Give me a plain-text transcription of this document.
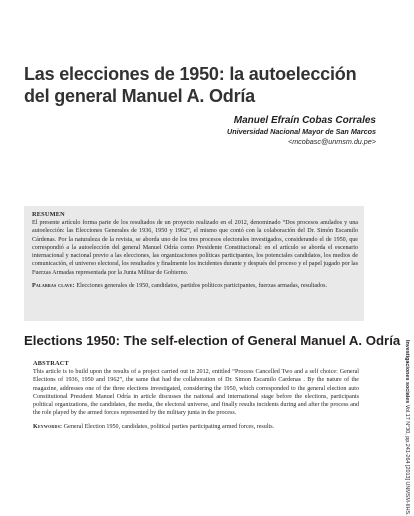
Las elecciones de 1950: la autoelección
del general Manuel A. Odría
Manuel Efraín Cobas Corrales
Universidad Nacional Mayor de San Marcos
<mcobasc@unmsm.du.pe>
RESUMEN

El presente artículo forma parte de los resultados de un proyecto realizado en el 2012, denominado “Dos procesos anulados y una autoelección: las Elecciones Generales de 1936, 1950 y 1962”, el mismo que contó con la colaboración del Dr. Simón Escamilo Cárdenas. Por la naturaleza de la revista, se aborda uno de los tres procesos electorales investigados, considerando el de 1950, que correspondió a la autoelección del general Manuel Odría como Presidente Constitucional: en el artículo se aborda el escenario internacional y nacional previo a las elecciones, las organizaciones políticas participantes, los potenciales candidatos, los medios de comunicación, el universo electoral, los resultados y finalmente los incidentes durante y después del proceso y el papel jugado por las Fuerzas Armadas representada por la Junta Militar de Gobierno.

Palabras clave: Elecciones generales de 1950, candidatos, partidos políticos participantes, fuerzas armadas, resultados.
Elections 1950: The self-election of General Manuel A. Odría
ABSTRACT

This article is to build upon the results of a project carried out in 2012, entitled “Process Cancelled Two and a self choice: General Elections of 1936, 1950 and 1962”, the same that had the collaboration of Dr. Simon Escamilo Cardenas . By the nature of the magazine, addresses one of the three elections investigated, considering the 1950, which corresponded to the general election auto Constitutional President Manuel Odría in article discusses the national and international stage before the elections, participants political organizations, the candidates, the media, the electoral universe, and finally results incidents during and after the process and the role played by the armed forces represented by the military junta in the process.

Keywords: General Election 1950, candidates, political parties participating armed forces, results.
Investigaciones sociales Vol.17 N°30, pp.241-264 [2013] UNMSM-IIHS.
